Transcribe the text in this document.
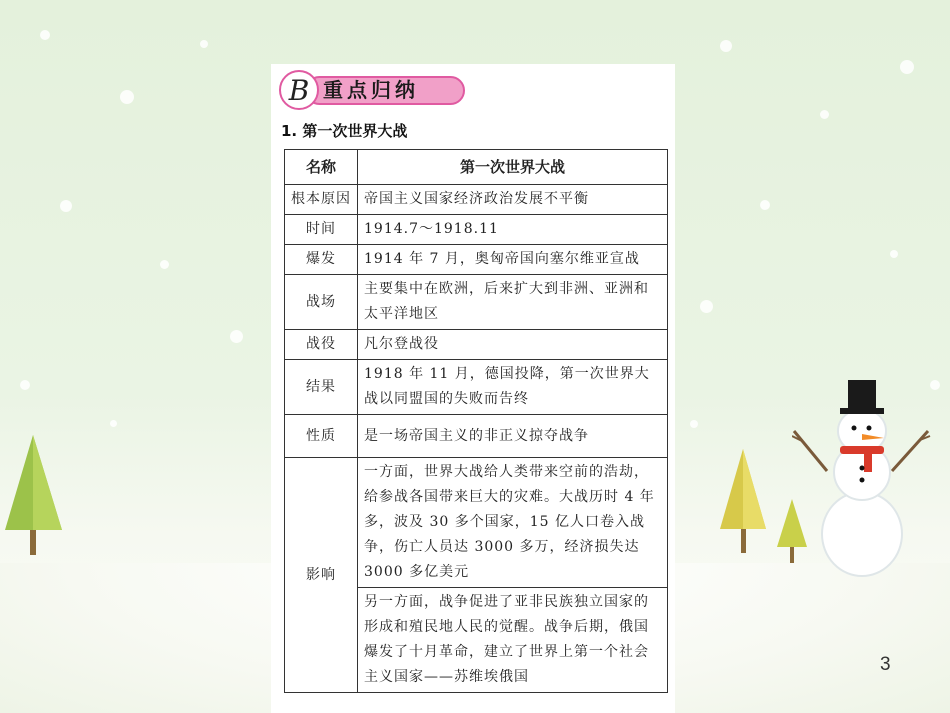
B 重点归纳
1. 第一次世界大战
名称	第一次世界大战
根本原因	帝国主义国家经济政治发展不平衡
时间	1914.7～1918.11
爆发	1914 年 7 月，奥匈帝国向塞尔维亚宣战
战场	主要集中在欧洲，后来扩大到非洲、亚洲和太平洋地区
战役	凡尔登战役
结果	1918 年 11 月，德国投降，第一次世界大战以同盟国的失败而告终
性质	是一场帝国主义的非正义掠夺战争
影响	一方面，世界大战给人类带来空前的浩劫，给参战各国带来巨大的灾难。大战历时 4 年多，波及 30 多个国家，15 亿人口卷入战争，伤亡人员达 3000 多万，经济损失达 3000 多亿美元
	另一方面，战争促进了亚非民族独立国家的形成和殖民地人民的觉醒。战争后期，俄国爆发了十月革命，建立了世界上第一个社会主义国家——苏维埃俄国
3
